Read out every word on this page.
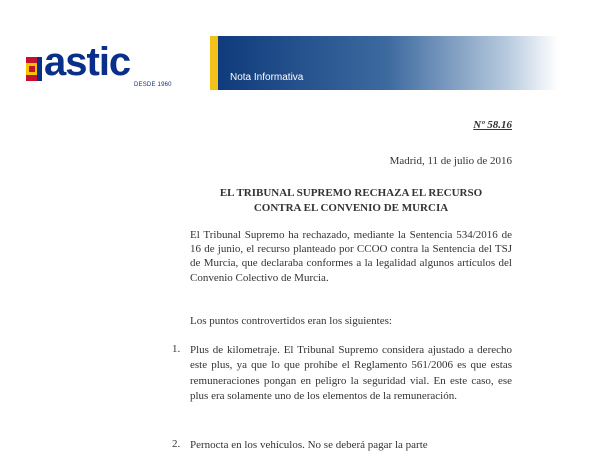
astic
DESDE 1960
Nota Informativa
Nº 58.16
Madrid, 11 de julio de 2016
EL TRIBUNAL SUPREMO RECHAZA EL RECURSO
CONTRA EL CONVENIO DE MURCIA
El Tribunal Supremo ha rechazado, mediante la Sentencia 534/2016 de 16 de junio, el recurso planteado por CCOO contra la Sentencia del TSJ de Murcia, que declaraba conformes a la legalidad algunos artículos del Convenio Colectivo de Murcia.
Los puntos controvertidos eran los siguientes:
1. Plus de kilometraje. El Tribunal Supremo considera ajustado a derecho este plus, ya que lo que prohíbe el Reglamento 561/2006 es que estas remuneraciones pongan en peligro la seguridad vial. En este caso, ese plus era solamente uno de los elementos de la remuneración.
2. Pernocta en los vehículos. No se deberá pagar la parte
